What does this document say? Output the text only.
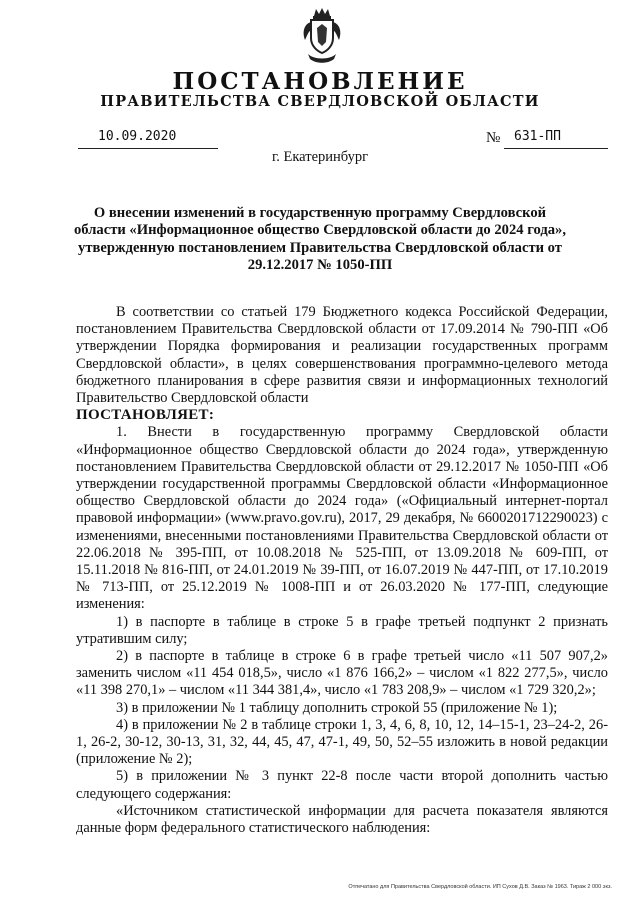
ПОСТАНОВЛЕНИЕ
ПРАВИТЕЛЬСТВА СВЕРДЛОВСКОЙ ОБЛАСТИ
10.09.2020	№ 631-ПП
г. Екатеринбург
О внесении изменений в государственную программу Свердловской области «Информационное общество Свердловской области до 2024 года», утвержденную постановлением Правительства Свердловской области от 29.12.2017 № 1050-ПП

В соответствии со статьей 179 Бюджетного кодекса Российской Федерации, постановлением Правительства Свердловской области от 17.09.2014 № 790-ПП «Об утверждении Порядка формирования и реализации государственных программ Свердловской области», в целях совершенствования программно-целевого метода бюджетного планирования в сфере развития связи и информационных технологий Правительство Свердловской области

ПОСТАНОВЛЯЕТ:

1. Внести в государственную программу Свердловской области «Информационное общество Свердловской области до 2024 года», утвержденную постановлением Правительства Свердловской области от 29.12.2017 № 1050-ПП «Об утверждении государственной программы Свердловской области «Информационное общество Свердловской области до 2024 года» («Официальный интернет-портал правовой информации» (www.pravo.gov.ru), 2017, 29 декабря, № 6600201712290023) с изменениями, внесенными постановлениями Правительства Свердловской области от 22.06.2018 № 395-ПП, от 10.08.2018 № 525-ПП, от 13.09.2018 № 609-ПП, от 15.11.2018 № 816-ПП, от 24.01.2019 № 39-ПП, от 16.07.2019 № 447-ПП, от 17.10.2019 № 713-ПП, от 25.12.2019 № 1008-ПП и от 26.03.2020 № 177-ПП, следующие изменения:

1) в паспорте в таблице в строке 5 в графе третьей подпункт 2 признать утратившим силу;

2) в паспорте в таблице в строке 6 в графе третьей число «11 507 907,2» заменить числом «11 454 018,5», число «1 876 166,2» – числом «1 822 277,5», число «11 398 270,1» – числом «11 344 381,4», число «1 783 208,9» – числом «1 729 320,2»;

3) в приложении № 1 таблицу дополнить строкой 55 (приложение № 1);

4) в приложении № 2 в таблице строки 1, 3, 4, 6, 8, 10, 12, 14–15-1, 23–24-2, 26-1, 26-2, 30-12, 30-13, 31, 32, 44, 45, 47, 47-1, 49, 50, 52–55 изложить в новой редакции (приложение № 2);

5) в приложении № 3 пункт 22-8 после части второй дополнить частью следующего содержания:

«Источником статистической информации для расчета показателя являются данные форм федерального статистического наблюдения:

Отпечатано для Правительства Свердловской области. ИП Сухов Д.В. Заказ № 1963. Тираж 2 000 экз.
